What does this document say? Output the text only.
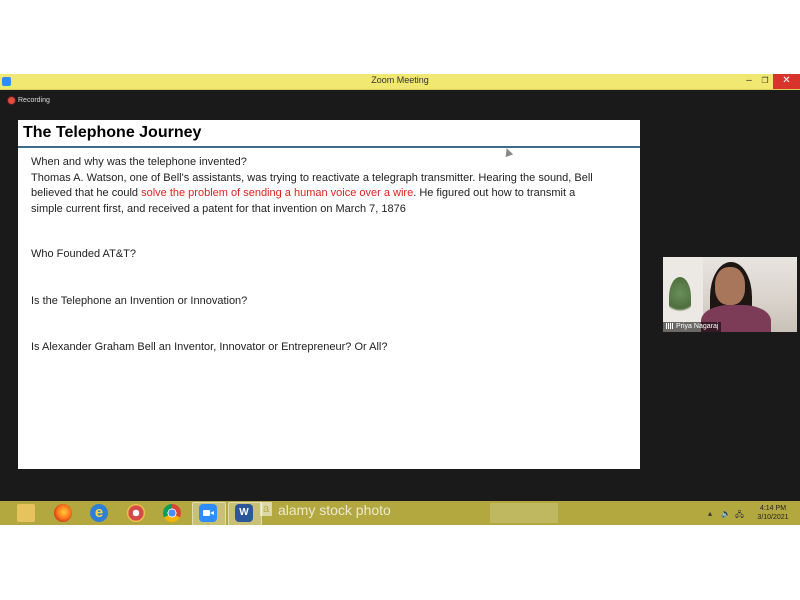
Zoom Meeting	–	❐	✕
Recording
The Telephone Journey

When and why was the telephone invented?

Thomas A. Watson, one of Bell's assistants, was trying to reactivate a telegraph transmitter. Hearing the sound, Bell believed that he could solve the problem of sending a human voice over a wire. He figured out how to transmit a simple current first, and received a patent for that invention on March 7, 1876

Who Founded AT&T?
Is the Telephone an Invention or Innovation?
Is Alexander Graham Bell an Inventor, Innovator or Entrepreneur? Or All?
Priya Nagaraj
e	W	a alamy stock photo	▴ 🔈 🖧
4:14 PM
3/10/2021
